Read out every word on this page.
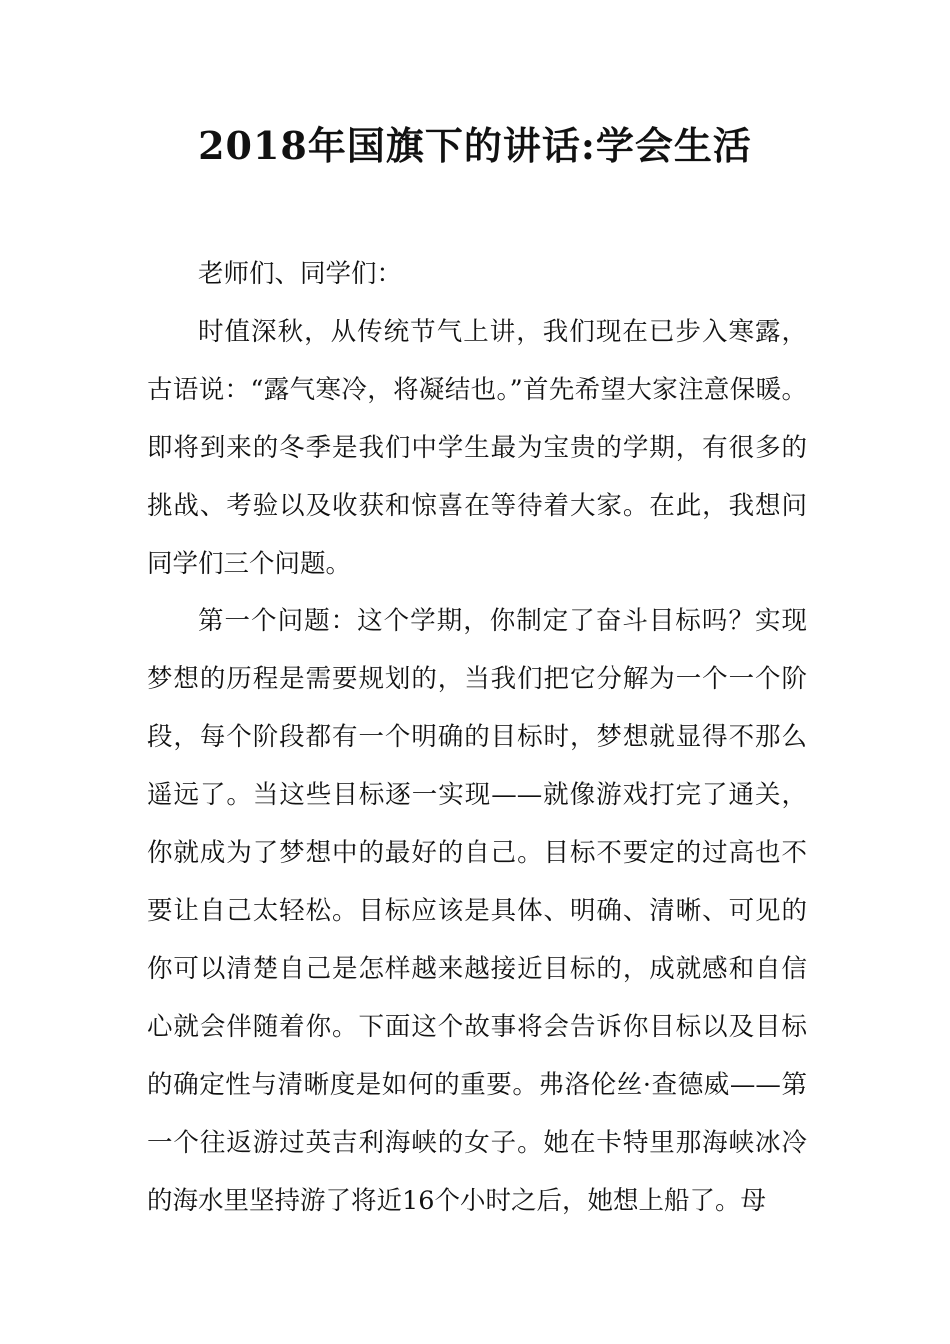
2018年国旗下的讲话:学会生活

老师们、同学们：

时值深秋，从传统节气上讲，我们现在已步入寒露，古语说：“露气寒冷，将凝结也。”首先希望大家注意保暖。即将到来的冬季是我们中学生最为宝贵的学期，有很多的挑战、考验以及收获和惊喜在等待着大家。在此，我想问同学们三个问题。

第一个问题：这个学期，你制定了奋斗目标吗？实现梦想的历程是需要规划的，当我们把它分解为一个一个阶段，每个阶段都有一个明确的目标时，梦想就显得不那么遥远了。当这些目标逐一实现——就像游戏打完了通关，你就成为了梦想中的最好的自己。目标不要定的过高也不要让自己太轻松。目标应该是具体、明确、清晰、可见的你可以清楚自己是怎样越来越接近目标的，成就感和自信心就会伴随着你。下面这个故事将会告诉你目标以及目标的确定性与清晰度是如何的重要。弗洛伦丝·查德威——第一个往返游过英吉利海峡的女子。她在卡特里那海峡冰冷的海水里坚持游了将近16个小时之后，她想上船了。母
